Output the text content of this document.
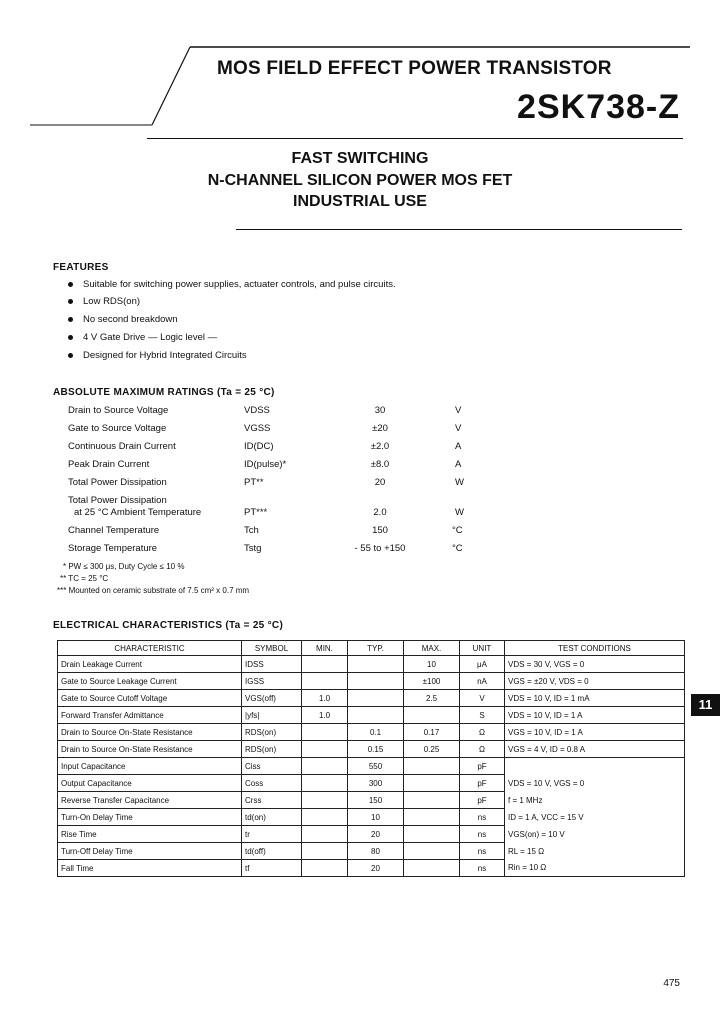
MOS FIELD EFFECT POWER TRANSISTOR
2SK738-Z
FAST SWITCHING
N-CHANNEL SILICON POWER MOS FET
INDUSTRIAL USE
FEATURES
Suitable for switching power supplies, actuater controls, and pulse circuits.
Low RDS(on)
No second breakdown
4 V Gate Drive — Logic level —
Designed for Hybrid Integrated Circuits
ABSOLUTE MAXIMUM RATINGS (Ta = 25 °C)
Drain to Source Voltage	VDSS	30	V
Gate to Source Voltage	VGSS	±20	V
Continuous Drain Current	ID(DC)	±2.0	A
Peak Drain Current	ID(pulse)*	±8.0	A
Total Power Dissipation	PT**	20	W
Total Power Dissipation
at 25 °C Ambient Temperature	PT***	2.0	W
Channel Temperature	Tch	150	°C
Storage Temperature	Tstg	- 55 to +150	°C
* PW ≤ 300 μs, Duty Cycle ≤ 10 %
** TC = 25 °C
*** Mounted on ceramic substrate of 7.5 cm² x 0.7 mm
ELECTRICAL CHARACTERISTICS (Ta = 25 °C)
CHARACTERISTIC	SYMBOL	MIN.	TYP.	MAX.	UNIT	TEST CONDITIONS
Drain Leakage Current	IDSS			10	μA	VDS = 30 V, VGS = 0
Gate to Source Leakage Current	IGSS			±100	nA	VGS = ±20 V, VDS = 0
Gate to Source Cutoff Voltage	VGS(off)	1.0		2.5	V	VDS = 10 V, ID = 1 mA
Forward Transfer Admittance	|yfs|	1.0			S	VDS = 10 V, ID = 1 A
Drain to Source On-State Resistance	RDS(on)		0.1	0.17	Ω	VGS = 10 V, ID = 1 A
Drain to Source On-State Resistance	RDS(on)		0.15	0.25	Ω	VGS = 4 V, ID = 0.8 A
Input Capacitance	Ciss		550		pF	
Output Capacitance	Coss		300		pF	VDS = 10 V, VGS = 0
Reverse Transfer Capacitance	Crss		150		pF	f = 1 MHz
Turn-On Delay Time	td(on)		10		ns	ID = 1 A, VCC = 15 V
Rise Time	tr		20		ns	VGS(on) = 10 V
Turn-Off Delay Time	td(off)		80		ns	RL = 15 Ω
Fall Time	tf		20		ns	Rin = 10 Ω
11
475
